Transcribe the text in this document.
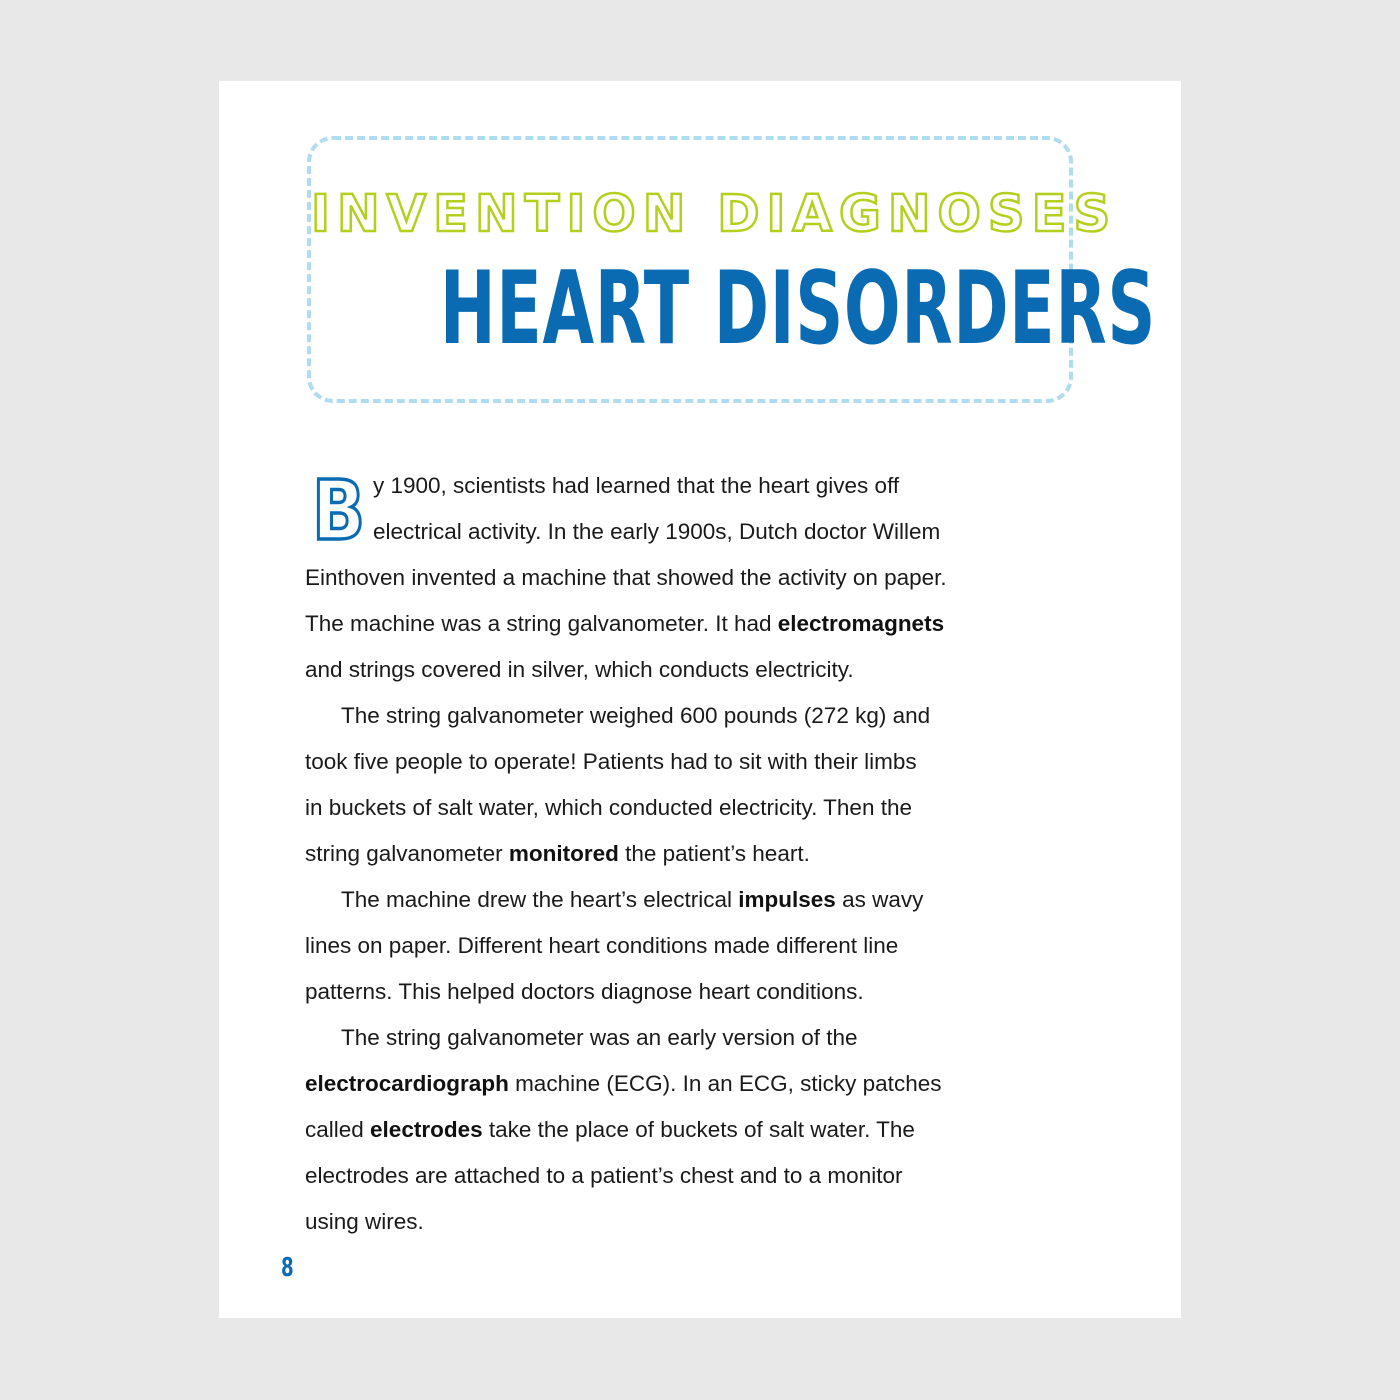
INVENTION DIAGNOSES
HEART DISORDERS
B y 1900, scientists had learned that the heart gives off
electrical activity. In the early 1900s, Dutch doctor Willem
Einthoven invented a machine that showed the activity on paper.
The machine was a string galvanometer. It had electromagnets
and strings covered in silver, which conducts electricity.

The string galvanometer weighed 600 pounds (272 kg) and
took five people to operate! Patients had to sit with their limbs
in buckets of salt water, which conducted electricity. Then the
string galvanometer monitored the patient’s heart.

The machine drew the heart’s electrical impulses as wavy
lines on paper. Different heart conditions made different line
patterns. This helped doctors diagnose heart conditions.

The string galvanometer was an early version of the
electrocardiograph machine (ECG). In an ECG, sticky patches
called electrodes take the place of buckets of salt water. The
electrodes are attached to a patient’s chest and to a monitor
using wires.

8
